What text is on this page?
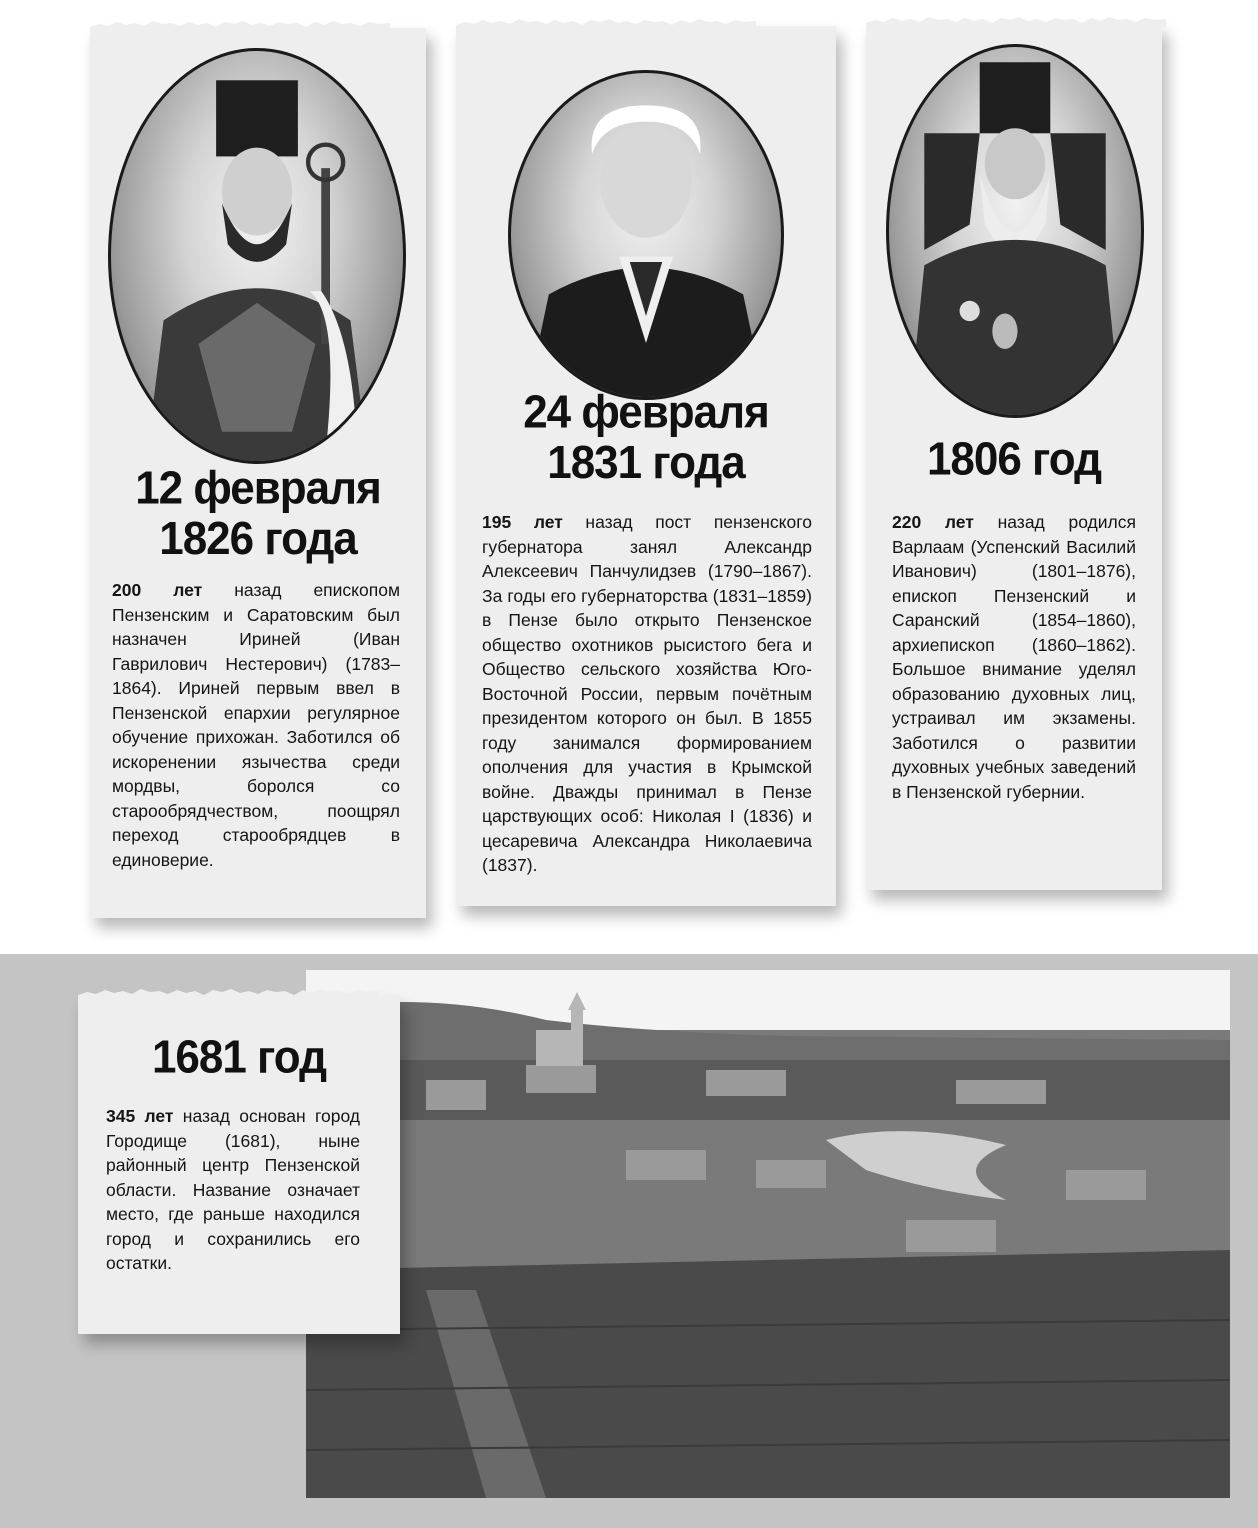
12 февраля
1826 года

200 лет назад епископом Пензенским и Саратовским был назначен Ириней (Иван Гаврилович Нестерович) (1783–1864). Ириней первым ввел в Пензенской епархии регулярное обучение прихожан. Заботился об искоренении язычества среди мордвы, боролся со старообрядчеством, поощрял переход старообрядцев в единоверие.

24 февраля
1831 года

195 лет назад пост пензенского губернатора занял Александр Алексеевич Панчулидзев (1790–1867). За годы его губернаторства (1831–1859) в Пензе было открыто Пензенское общество охотников рысистого бега и Общество сельского хозяйства Юго-Восточной России, первым почётным президентом которого он был. В 1855 году занимался формированием ополчения для участия в Крымской войне. Дважды принимал в Пензе царствующих особ: Николая I (1836) и цесаревича Александра Николаевича (1837).

1806 год

220 лет назад родился Варлаам (Успенский Василий Иванович) (1801–1876), епископ Пензенский и Саранский (1854–1860), архиепископ (1860–1862). Большое внимание уделял образованию духовных лиц, устраивал им экзамены. Заботился о развитии духовных учебных заведений в Пензенской губернии.

1681 год

345 лет назад основан город Городище (1681), ныне районный центр Пензенской области. Название означает место, где раньше находился город и сохранились его остатки.
